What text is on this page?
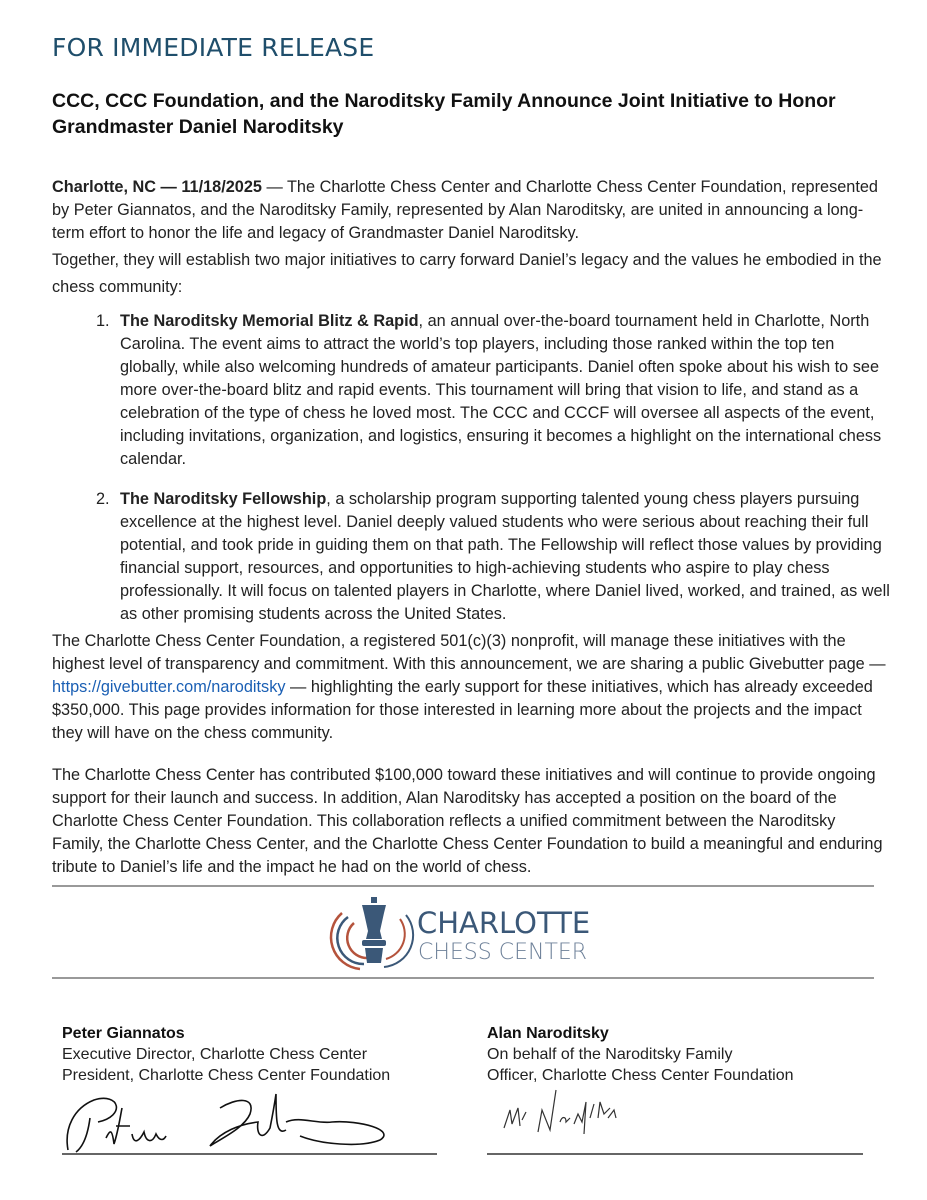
FOR IMMEDIATE RELEASE
CCC, CCC Foundation, and the Naroditsky Family Announce Joint Initiative to Honor Grandmaster Daniel Naroditsky
Charlotte, NC — 11/18/2025 — The Charlotte Chess Center and Charlotte Chess Center Foundation, represented by Peter Giannatos, and the Naroditsky Family, represented by Alan Naroditsky, are united in announcing a long-term effort to honor the life and legacy of Grandmaster Daniel Naroditsky.
Together, they will establish two major initiatives to carry forward Daniel’s legacy and the values he embodied in the chess community:
1. The Naroditsky Memorial Blitz & Rapid, an annual over-the-board tournament held in Charlotte, North Carolina. The event aims to attract the world’s top players, including those ranked within the top ten globally, while also welcoming hundreds of amateur participants. Daniel often spoke about his wish to see more over-the-board blitz and rapid events. This tournament will bring that vision to life, and stand as a celebration of the type of chess he loved most. The CCC and CCCF will oversee all aspects of the event, including invitations, organization, and logistics, ensuring it becomes a highlight on the international chess calendar.
2. The Naroditsky Fellowship, a scholarship program supporting talented young chess players pursuing excellence at the highest level. Daniel deeply valued students who were serious about reaching their full potential, and took pride in guiding them on that path. The Fellowship will reflect those values by providing financial support, resources, and opportunities to high-achieving students who aspire to play chess professionally. It will focus on talented players in Charlotte, where Daniel lived, worked, and trained, as well as other promising students across the United States.
The Charlotte Chess Center Foundation, a registered 501(c)(3) nonprofit, will manage these initiatives with the highest level of transparency and commitment. With this announcement, we are sharing a public Givebutter page — https://givebutter.com/naroditsky — highlighting the early support for these initiatives, which has already exceeded $350,000. This page provides information for those interested in learning more about the projects and the impact they will have on the chess community.
The Charlotte Chess Center has contributed $100,000 toward these initiatives and will continue to provide ongoing support for their launch and success. In addition, Alan Naroditsky has accepted a position on the board of the Charlotte Chess Center Foundation. This collaboration reflects a unified commitment between the Naroditsky Family, the Charlotte Chess Center, and the Charlotte Chess Center Foundation to build a meaningful and enduring tribute to Daniel’s life and the impact he had on the world of chess.
CHARLOTTE
CHESS CENTER
Peter Giannatos
Executive Director, Charlotte Chess Center
President, Charlotte Chess Center Foundation
Alan Naroditsky
On behalf of the Naroditsky Family
Officer, Charlotte Chess Center Foundation
